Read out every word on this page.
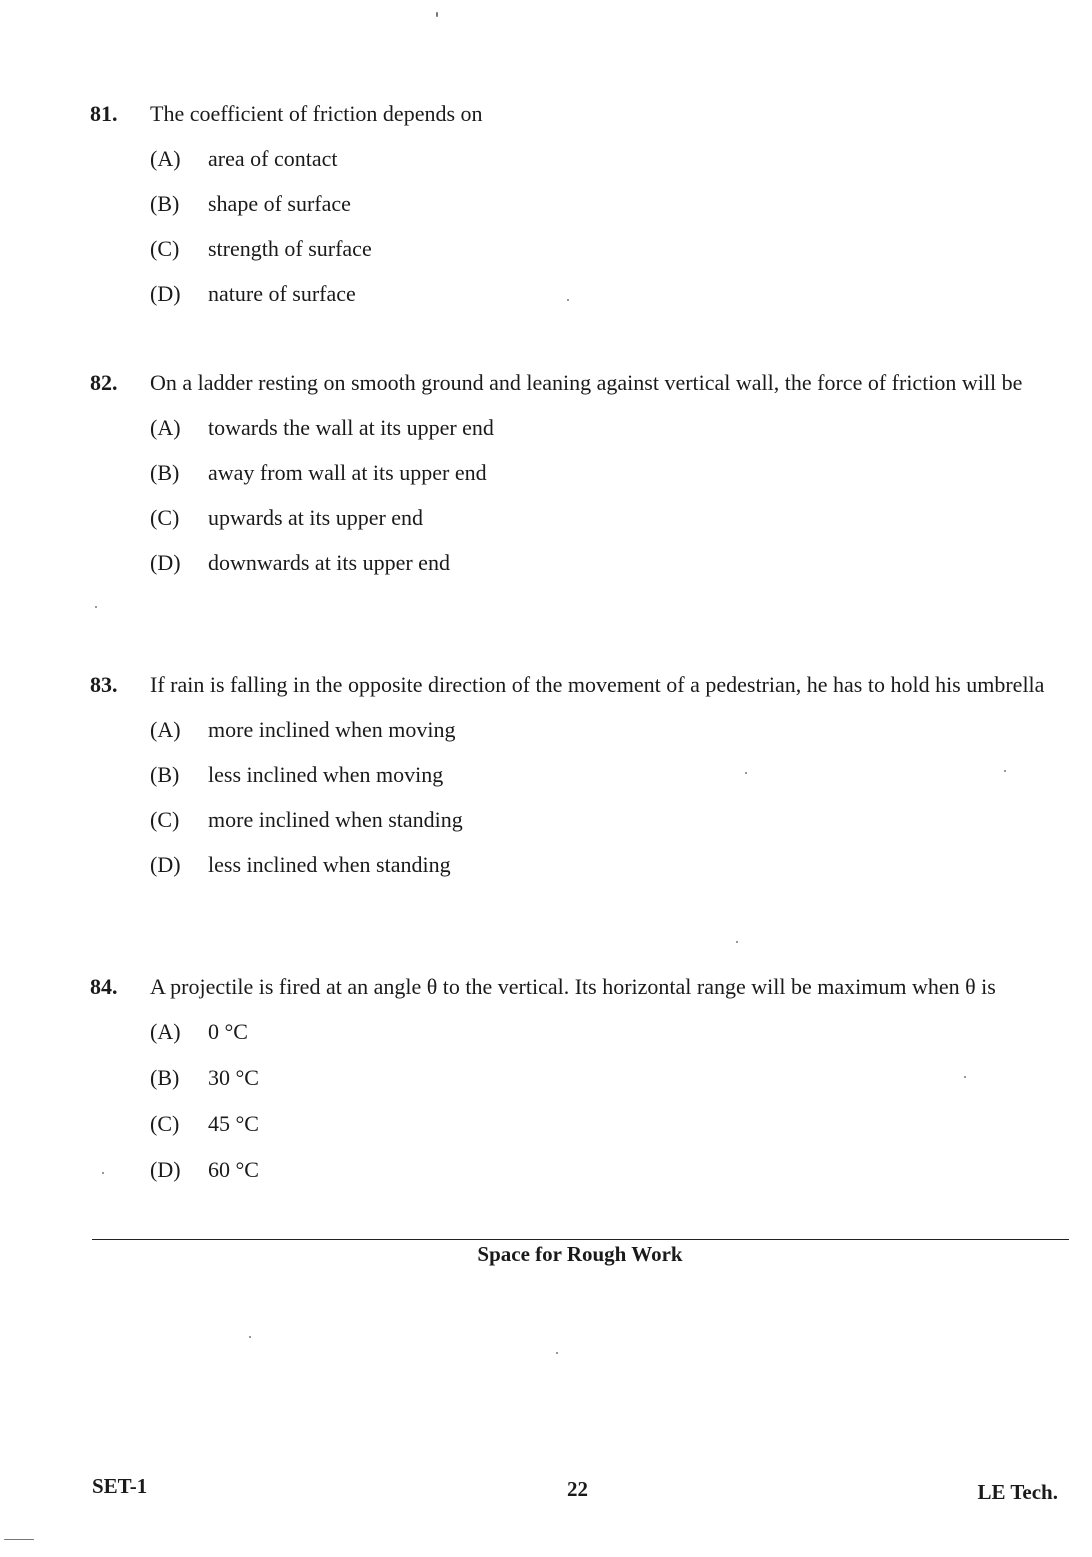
81.	The coefficient of friction depends on
(A)	area of contact
(B)	shape of surface
(C)	strength of surface
(D)	nature of surface
82.	On a ladder resting on smooth ground and leaning against vertical wall, the force of friction will be
(A)	towards the wall at its upper end
(B)	away from wall at its upper end
(C)	upwards at its upper end
(D)	downwards at its upper end
83.	If rain is falling in the opposite direction of the movement of a pedestrian, he has to hold his umbrella
(A)	more inclined when moving
(B)	less inclined when moving
(C)	more inclined when standing
(D)	less inclined when standing
84.	A projectile is fired at an angle θ to the vertical. Its horizontal range will be maximum when θ is
(A)	0 °C
(B)	30 °C
(C)	45 °C
(D)	60 °C
Space for Rough Work
SET-1	22	LE Tech.
